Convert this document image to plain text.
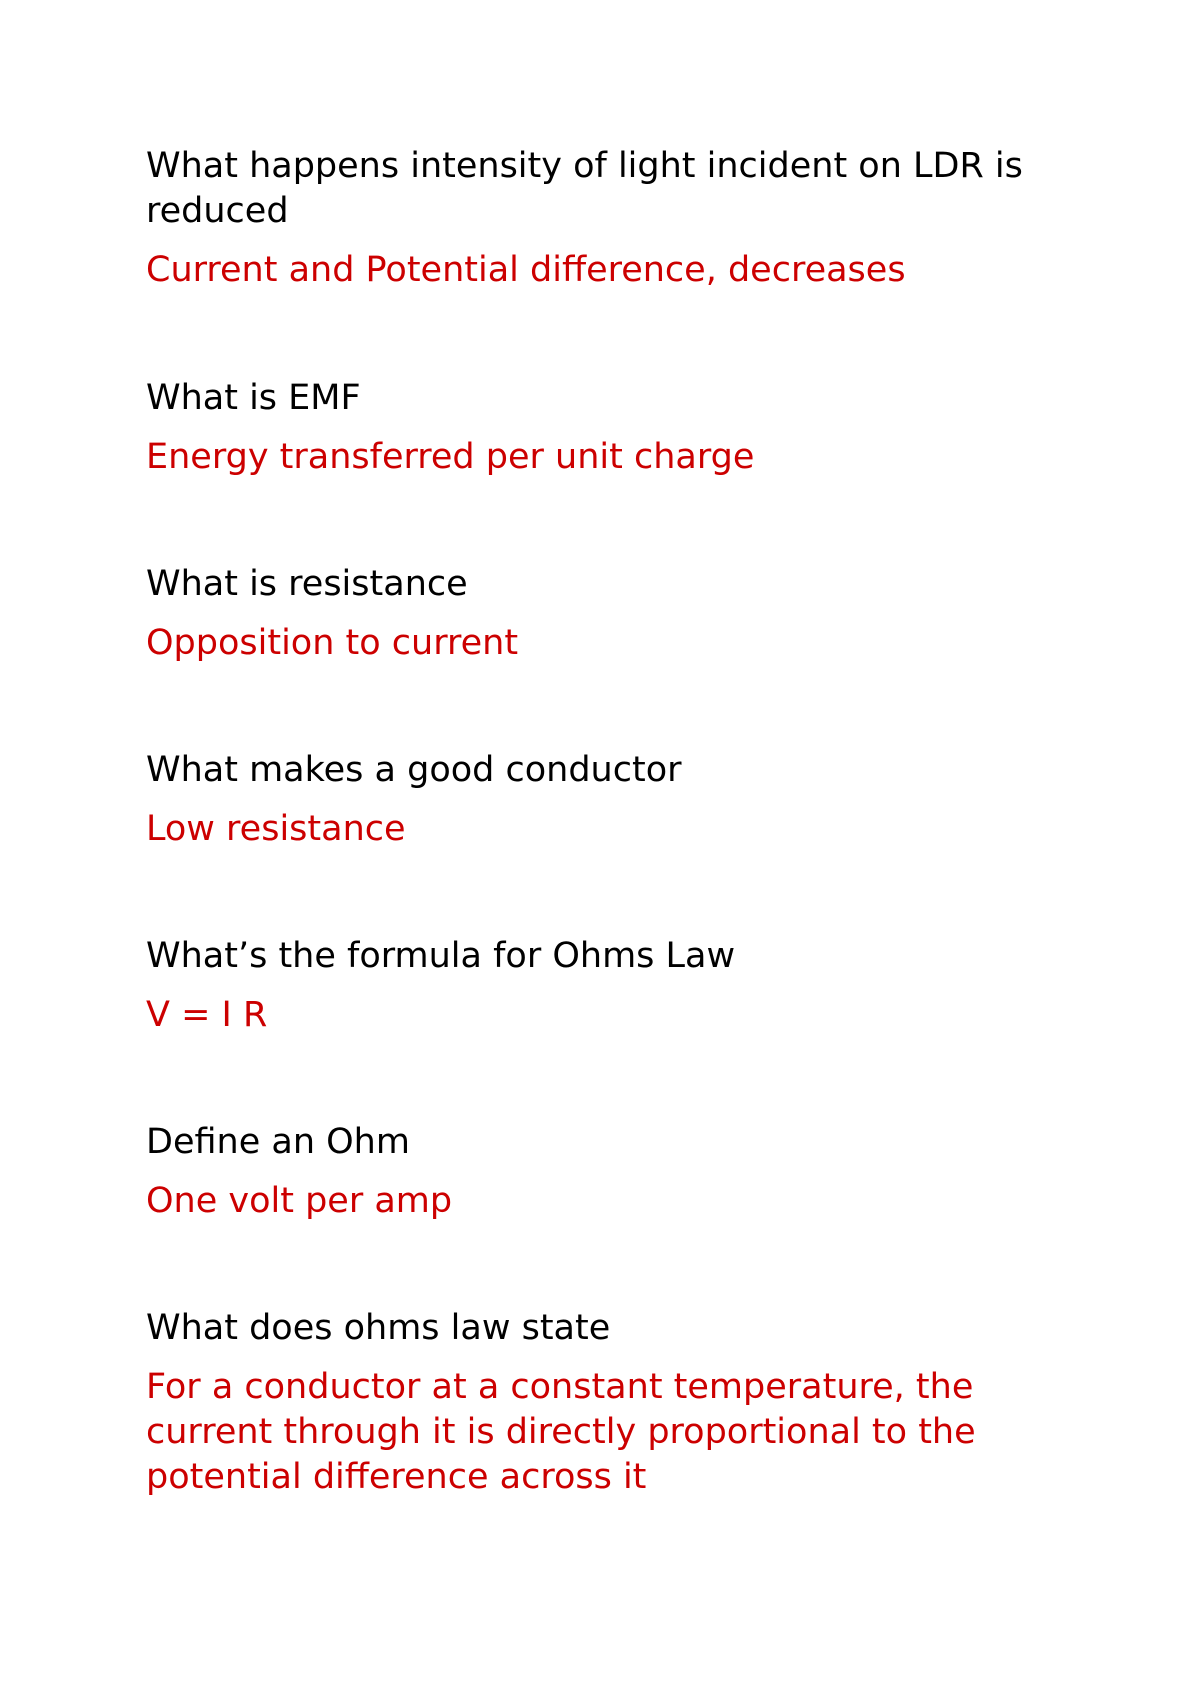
What happens intensity of light incident on LDR is reduced

Current and Potential difference, decreases

What is EMF

Energy transferred per unit charge

What is resistance

Opposition to current

What makes a good conductor

Low resistance

What’s the formula for Ohms Law

V = I R

Define an Ohm

One volt per amp

What does ohms law state

For a conductor at a constant temperature, the current through it is directly proportional to the potential difference across it
